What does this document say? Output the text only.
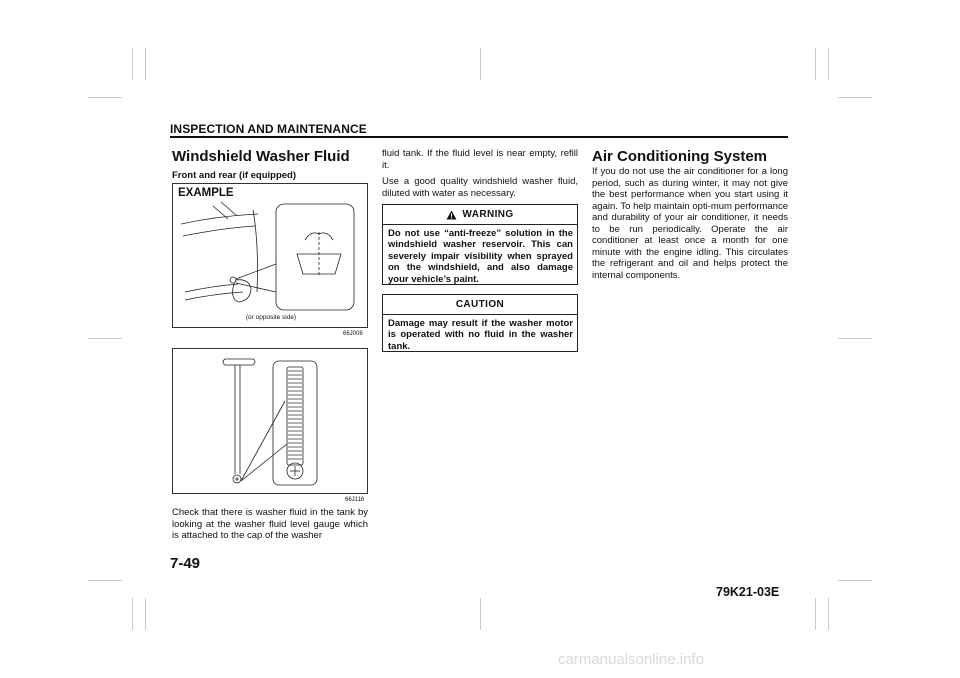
INSPECTION AND MAINTENANCE
Windshield Washer Fluid
Front and rear (if equipped)
EXAMPLE
(or opposite side)
66J008
66J116
Check that there is washer fluid in the tank by looking at the washer fluid level gauge which is attached to the cap of the washer
fluid tank. If the fluid level is near empty, refill it.
Use a good quality windshield washer fluid, diluted with water as necessary.
WARNING
Do not use “anti-freeze” solution in the windshield washer reservoir. This can severely impair visibility when sprayed on the windshield, and also damage your vehicle’s paint.
CAUTION
Damage may result if the washer motor is operated with no fluid in the washer tank.
Air Conditioning System
If you do not use the air conditioner for a long period, such as during winter, it may not give the best performance when you start using it again. To help maintain opti-mum performance and durability of your air conditioner, it needs to be run periodically. Operate the air conditioner at least once a month for one minute with the engine idling. This circulates the refrigerant and oil and helps protect the internal components.
7-49
79K21-03E
carmanualsonline.info
